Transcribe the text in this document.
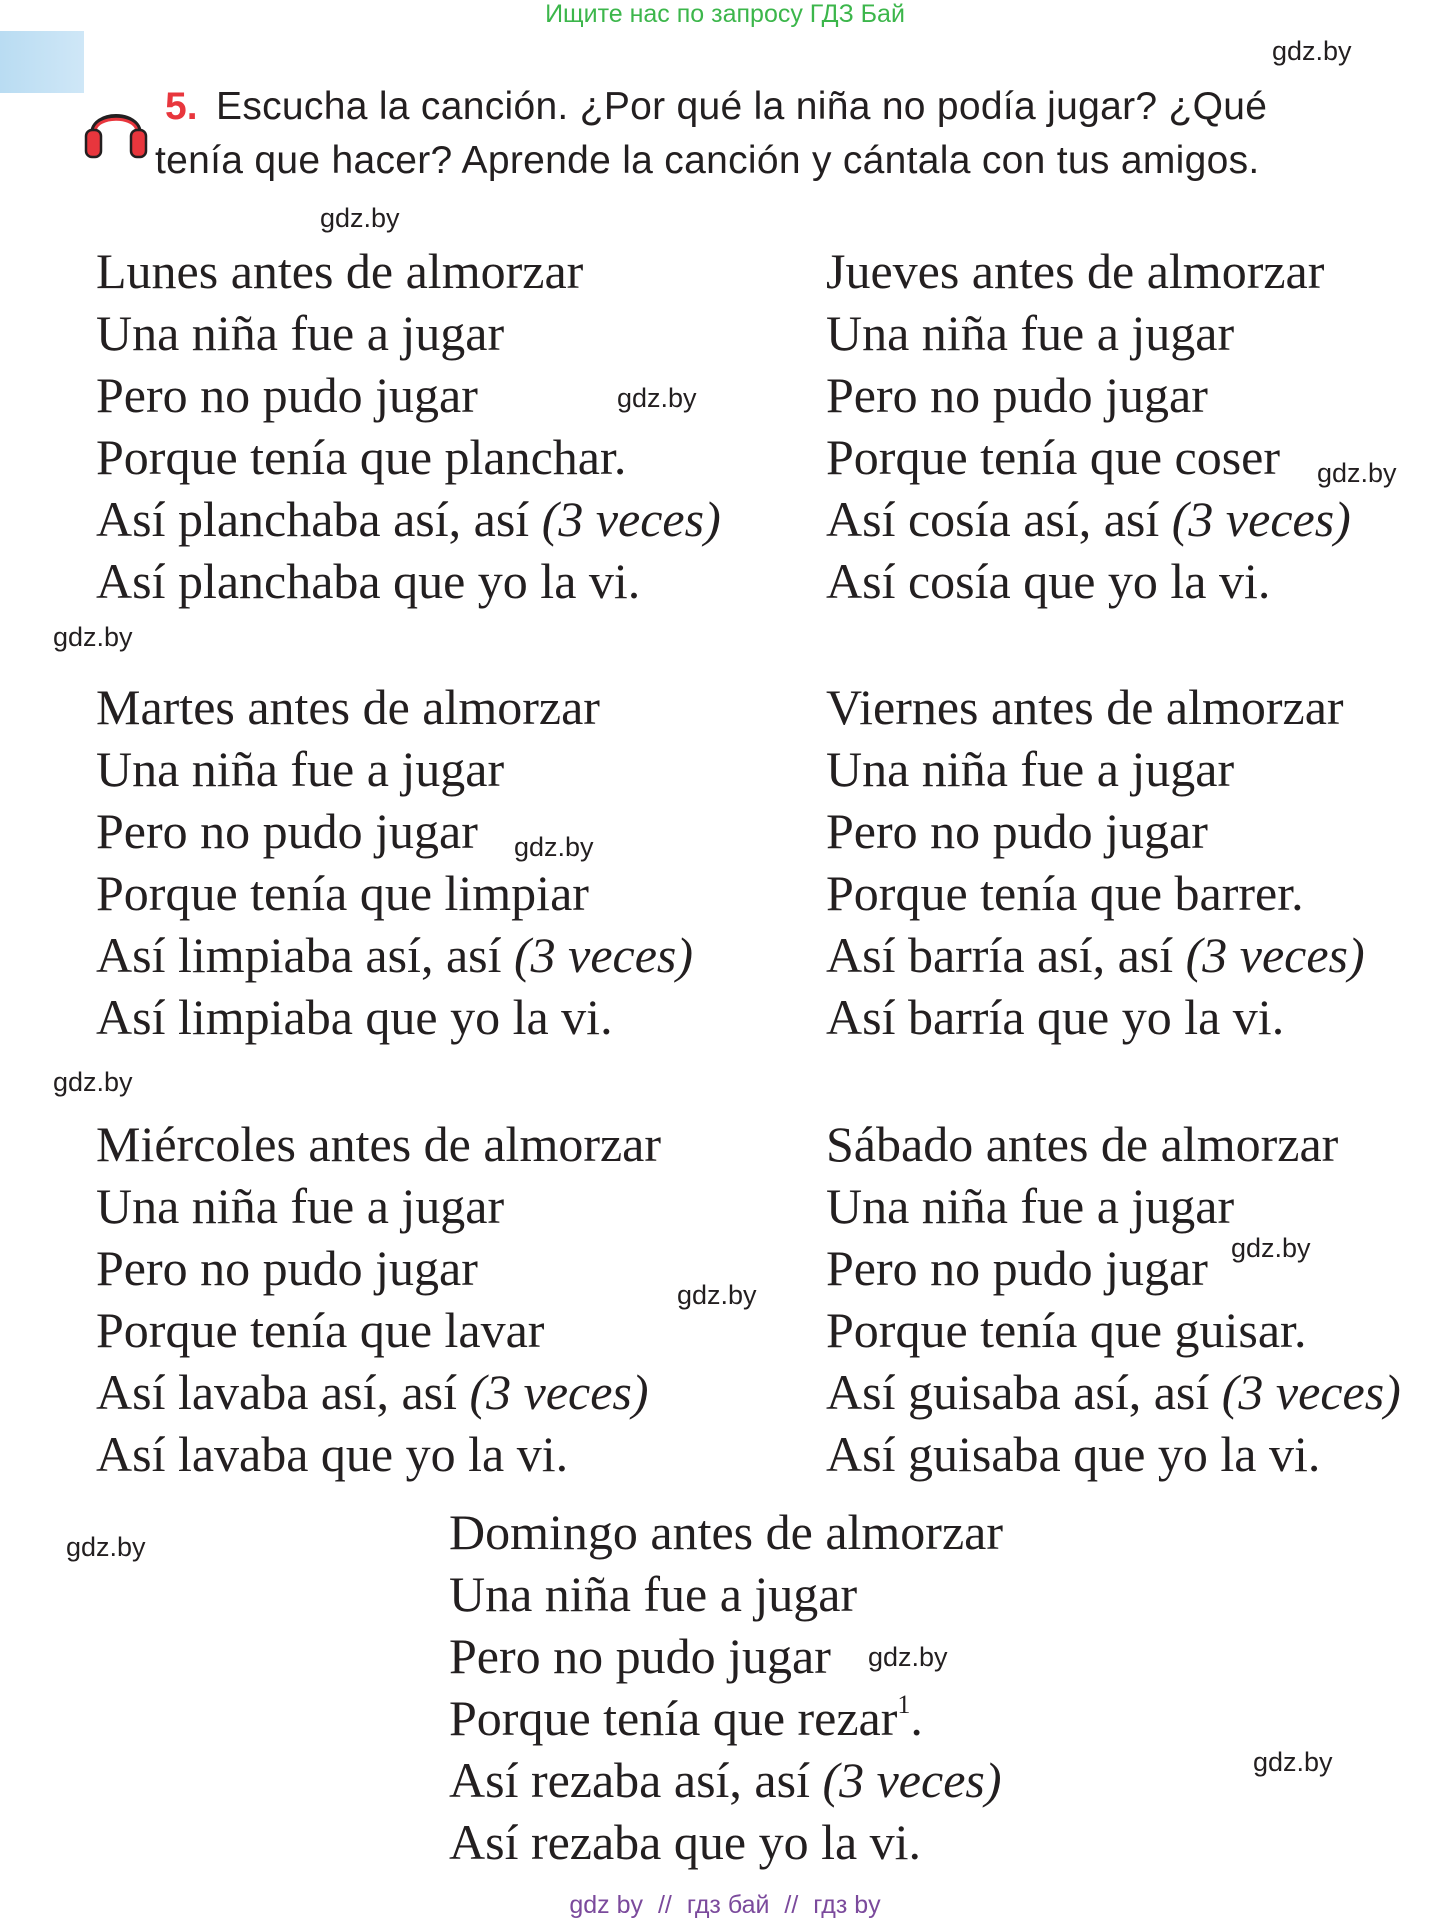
Ищите нас по запросу ГДЗ Бай
gdz.by
gdz.by
gdz.by
gdz.by
gdz.by
gdz.by
gdz.by
gdz.by
gdz.by
gdz.by
gdz.by
gdz.by
5. Escucha la canción. ¿Por qué la niña no podía jugar? ¿Qué
tenía que hacer? Aprende la canción y cántala con tus amigos.
Lunes antes de almorzar
Una niña fue a jugar
Pero no pudo jugar
Porque tenía que planchar.
Así planchaba así, así (3 veces)
Así planchaba que yo la vi.
Jueves antes de almorzar
Una niña fue a jugar
Pero no pudo jugar
Porque tenía que coser
Así cosía así, así (3 veces)
Así cosía que yo la vi.
Martes antes de almorzar
Una niña fue a jugar
Pero no pudo jugar
Porque tenía que limpiar
Así limpiaba así, así (3 veces)
Así limpiaba que yo la vi.
Viernes antes de almorzar
Una niña fue a jugar
Pero no pudo jugar
Porque tenía que barrer.
Así barría así, así (3 veces)
Así barría que yo la vi.
Miércoles antes de almorzar
Una niña fue a jugar
Pero no pudo jugar
Porque tenía que lavar
Así lavaba así, así (3 veces)
Así lavaba que yo la vi.
Sábado antes de almorzar
Una niña fue a jugar
Pero no pudo jugar
Porque tenía que guisar.
Así guisaba así, así (3 veces)
Así guisaba que yo la vi.
Domingo antes de almorzar
Una niña fue a jugar
Pero no pudo jugar
Porque tenía que rezar$^1$.
Así rezaba así, así (3 veces)
Así rezaba que yo la vi.
gdz by // гдз бай // гдз by
